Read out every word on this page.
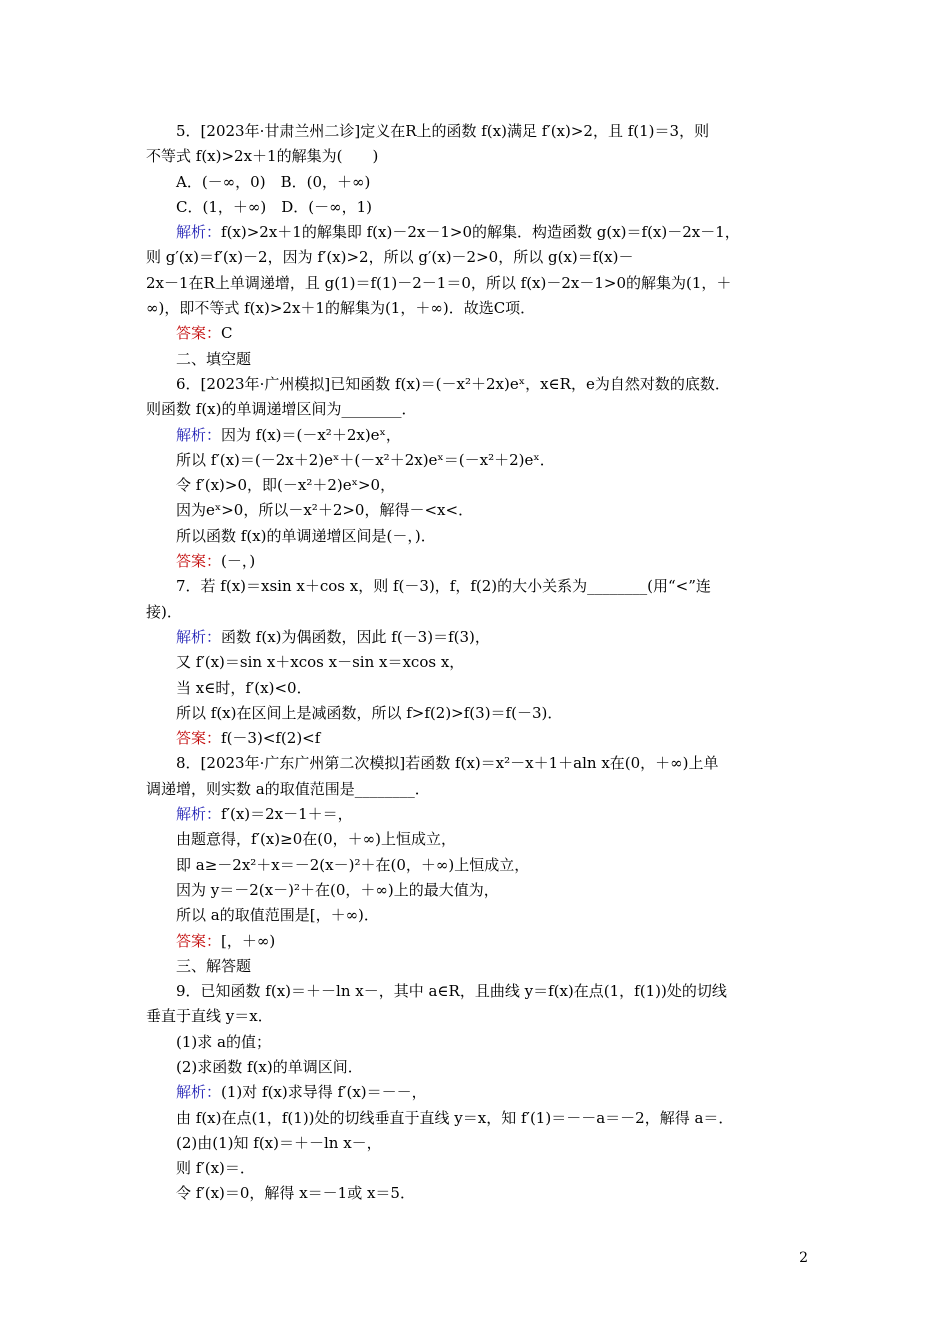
5．[2023年·甘肃兰州二诊]定义在R上的函数 f(x)满足 f′(x)>2，且 f(1)＝3，则
不等式 f(x)>2x＋1的解集为(　　)
A．(－∞，0)　B．(0，＋∞)
C．(1，＋∞)　D．(－∞，1)
解析：f(x)>2x＋1的解集即 f(x)－2x－1>0的解集．构造函数 g(x)＝f(x)－2x－1，
则 g′(x)＝f′(x)－2，因为 f′(x)>2，所以 g′(x)－2>0，所以 g(x)＝f(x)－
2x－1在R上单调递增，且 g(1)＝f(1)－2－1＝0，所以 f(x)－2x－1>0的解集为(1，＋
∞)，即不等式 f(x)>2x＋1的解集为(1，＋∞)．故选C项．
答案：C
二、填空题
6．[2023年·广州模拟]已知函数 f(x)＝(－x²＋2x)eˣ，x∈R，e为自然对数的底数．
则函数 f(x)的单调递增区间为________．
解析：因为 f(x)＝(－x²＋2x)eˣ，
所以 f′(x)＝(－2x＋2)eˣ＋(－x²＋2x)eˣ＝(－x²＋2)eˣ．
令 f′(x)>0，即(－x²＋2)eˣ>0，
因为eˣ>0，所以－x²＋2>0，解得－<x<．
所以函数 f(x)的单调递增区间是(－，)．
答案：(－，)
7．若 f(x)＝xsin x＋cos x，则 f(－3)，f，f(2)的大小关系为________(用“<”连
接)．
解析：函数 f(x)为偶函数，因此 f(－3)＝f(3)，
又 f′(x)＝sin x＋xcos x－sin x＝xcos x，
当 x∈时，f′(x)<0．
所以 f(x)在区间上是减函数，所以 f>f(2)>f(3)＝f(－3)．
答案：f(－3)<f(2)<f
8．[2023年·广东广州第二次模拟]若函数 f(x)＝x²－x＋1＋aln x在(0，＋∞)上单
调递增，则实数 a的取值范围是________．
解析：f′(x)＝2x－1＋＝，
由题意得，f′(x)≥0在(0，＋∞)上恒成立，
即 a≥－2x²＋x＝－2(x－)²＋在(0，＋∞)上恒成立，
因为 y＝－2(x－)²＋在(0，＋∞)上的最大值为，
所以 a的取值范围是[，＋∞)．
答案：[，＋∞)
三、解答题
9．已知函数 f(x)＝＋－ln x－，其中 a∈R，且曲线 y＝f(x)在点(1，f(1))处的切线
垂直于直线 y＝x．
(1)求 a的值；
(2)求函数 f(x)的单调区间．
解析：(1)对 f(x)求导得 f′(x)＝－－，
由 f(x)在点(1，f(1))处的切线垂直于直线 y＝x，知 f′(1)＝－－a＝－2，解得 a＝．
(2)由(1)知 f(x)＝＋－ln x－，
则 f′(x)＝．
令 f′(x)＝0，解得 x＝－1或 x＝5．
2
